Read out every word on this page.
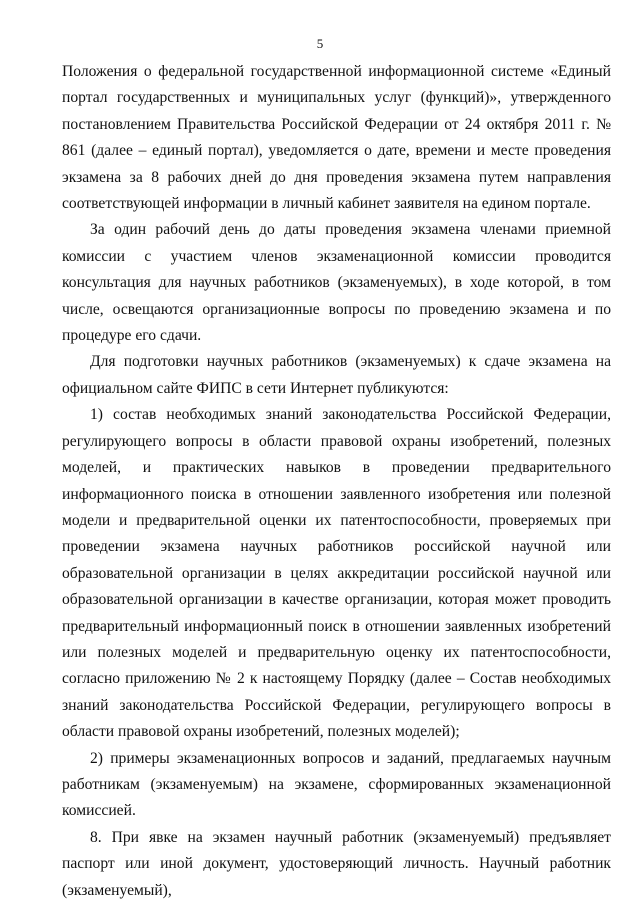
5

Положения о федеральной государственной информационной системе «Единый портал государственных и муниципальных услуг (функций)», утвержденного постановлением Правительства Российской Федерации от 24 октября 2011 г. № 861 (далее – единый портал), уведомляется о дате, времени и месте проведения экзамена за 8 рабочих дней до дня проведения экзамена путем направления соответствующей информации в личный кабинет заявителя на едином портале.

За один рабочий день до даты проведения экзамена членами приемной комиссии с участием членов экзаменационной комиссии проводится консультация для научных работников (экзаменуемых), в ходе которой, в том числе, освещаются организационные вопросы по проведению экзамена и по процедуре его сдачи.

Для подготовки научных работников (экзаменуемых) к сдаче экзамена на официальном сайте ФИПС в сети Интернет публикуются:

1) состав необходимых знаний законодательства Российской Федерации, регулирующего вопросы в области правовой охраны изобретений, полезных моделей, и практических навыков в проведении предварительного информационного поиска в отношении заявленного изобретения или полезной модели и предварительной оценки их патентоспособности, проверяемых при проведении экзамена научных работников российской научной или образовательной организации в целях аккредитации российской научной или образовательной организации в качестве организации, которая может проводить предварительный информационный поиск в отношении заявленных изобретений или полезных моделей и предварительную оценку их патентоспособности, согласно приложению № 2 к настоящему Порядку (далее – Состав необходимых знаний законодательства Российской Федерации, регулирующего вопросы в области правовой охраны изобретений, полезных моделей);

2) примеры экзаменационных вопросов и заданий, предлагаемых научным работникам (экзаменуемым) на экзамене, сформированных экзаменационной комиссией.

8. При явке на экзамен научный работник (экзаменуемый) предъявляет паспорт или иной документ, удостоверяющий личность. Научный работник (экзаменуемый),
